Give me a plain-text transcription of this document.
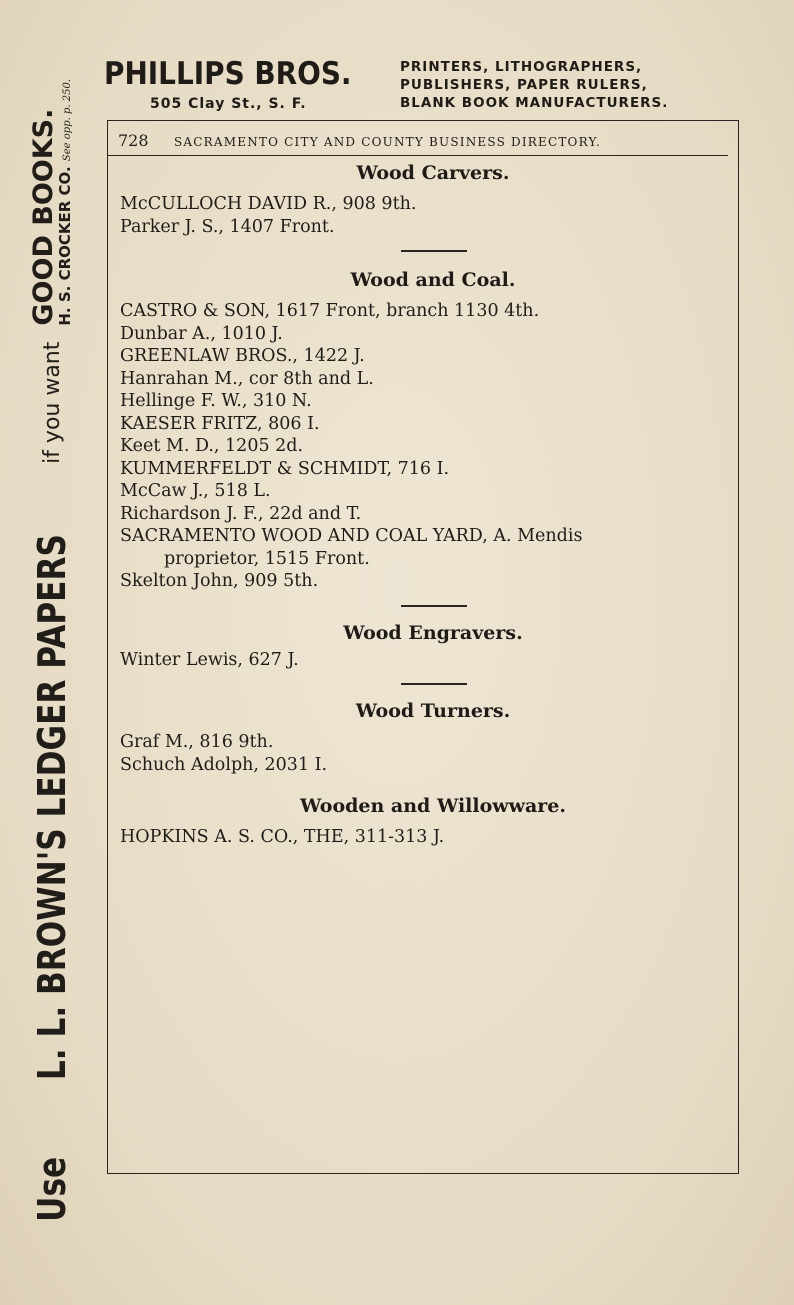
Use
L. L. BROWN'S LEDGER PAPERS
if you want
GOOD BOOKS.
H. S. CROCKER CO. See opp. p. 250.
PHILLIPS BROS.
505 Clay St., S. F.
PRINTERS, LITHOGRAPHERS,
PUBLISHERS, PAPER RULERS,
BLANK BOOK MANUFACTURERS.
728 SACRAMENTO CITY AND COUNTY BUSINESS DIRECTORY.
Wood Carvers.
McCULLOCH DAVID R., 908 9th.
Parker J. S., 1407 Front.
Wood and Coal.
CASTRO & SON, 1617 Front, branch 1130 4th.
Dunbar A., 1010 J.
GREENLAW BROS., 1422 J.
Hanrahan M., cor 8th and L.
Hellinge F. W., 310 N.
KAESER FRITZ, 806 I.
Keet M. D., 1205 2d.
KUMMERFELDT & SCHMIDT, 716 I.
McCaw J., 518 L.
Richardson J. F., 22d and T.
SACRAMENTO WOOD AND COAL YARD, A. Mendis
proprietor, 1515 Front.
Skelton John, 909 5th.
Wood Engravers.
Winter Lewis, 627 J.
Wood Turners.
Graf M., 816 9th.
Schuch Adolph, 2031 I.
Wooden and Willowware.
HOPKINS A. S. CO., THE, 311-313 J.
